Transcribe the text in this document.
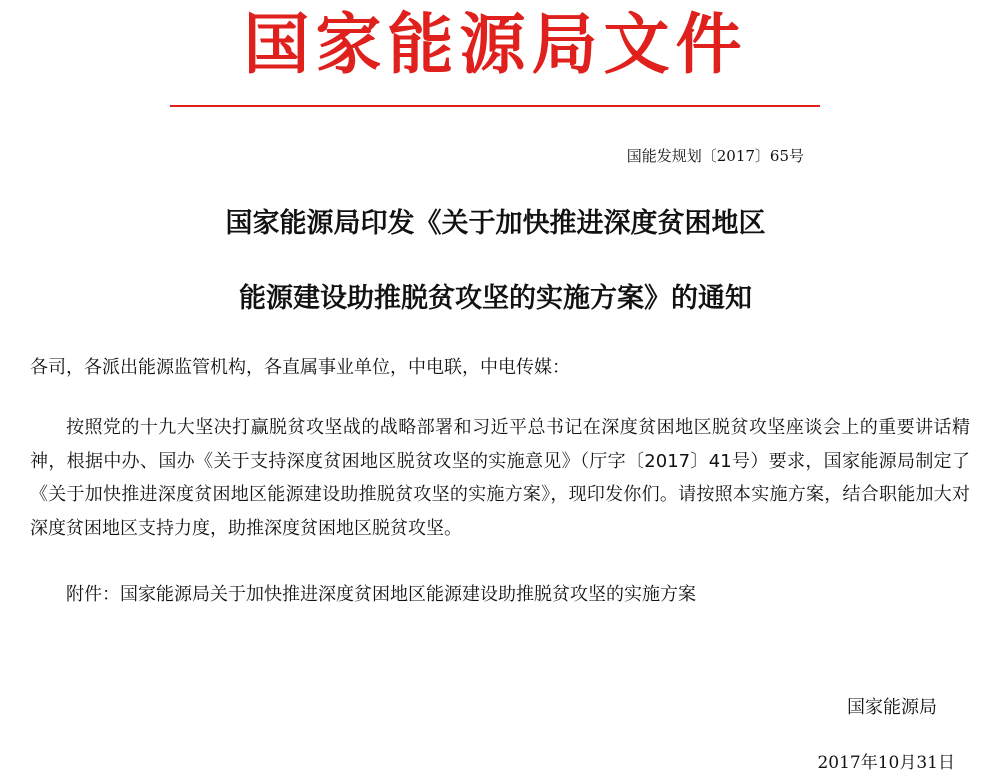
国家能源局文件
国能发规划〔2017〕65号
国家能源局印发《关于加快推进深度贫困地区
能源建设助推脱贫攻坚的实施方案》的通知
各司，各派出能源监管机构，各直属事业单位，中电联，中电传媒：
按照党的十九大坚决打赢脱贫攻坚战的战略部署和习近平总书记在深度贫困地区脱贫攻坚座谈会上的重要讲话精神，根据中办、国办《关于支持深度贫困地区脱贫攻坚的实施意见》（厅字〔2017〕41号）要求，国家能源局制定了《关于加快推进深度贫困地区能源建设助推脱贫攻坚的实施方案》，现印发你们。请按照本实施方案，结合职能加大对深度贫困地区支持力度，助推深度贫困地区脱贫攻坚。
附件：国家能源局关于加快推进深度贫困地区能源建设助推脱贫攻坚的实施方案
国家能源局
2017年10月31日
